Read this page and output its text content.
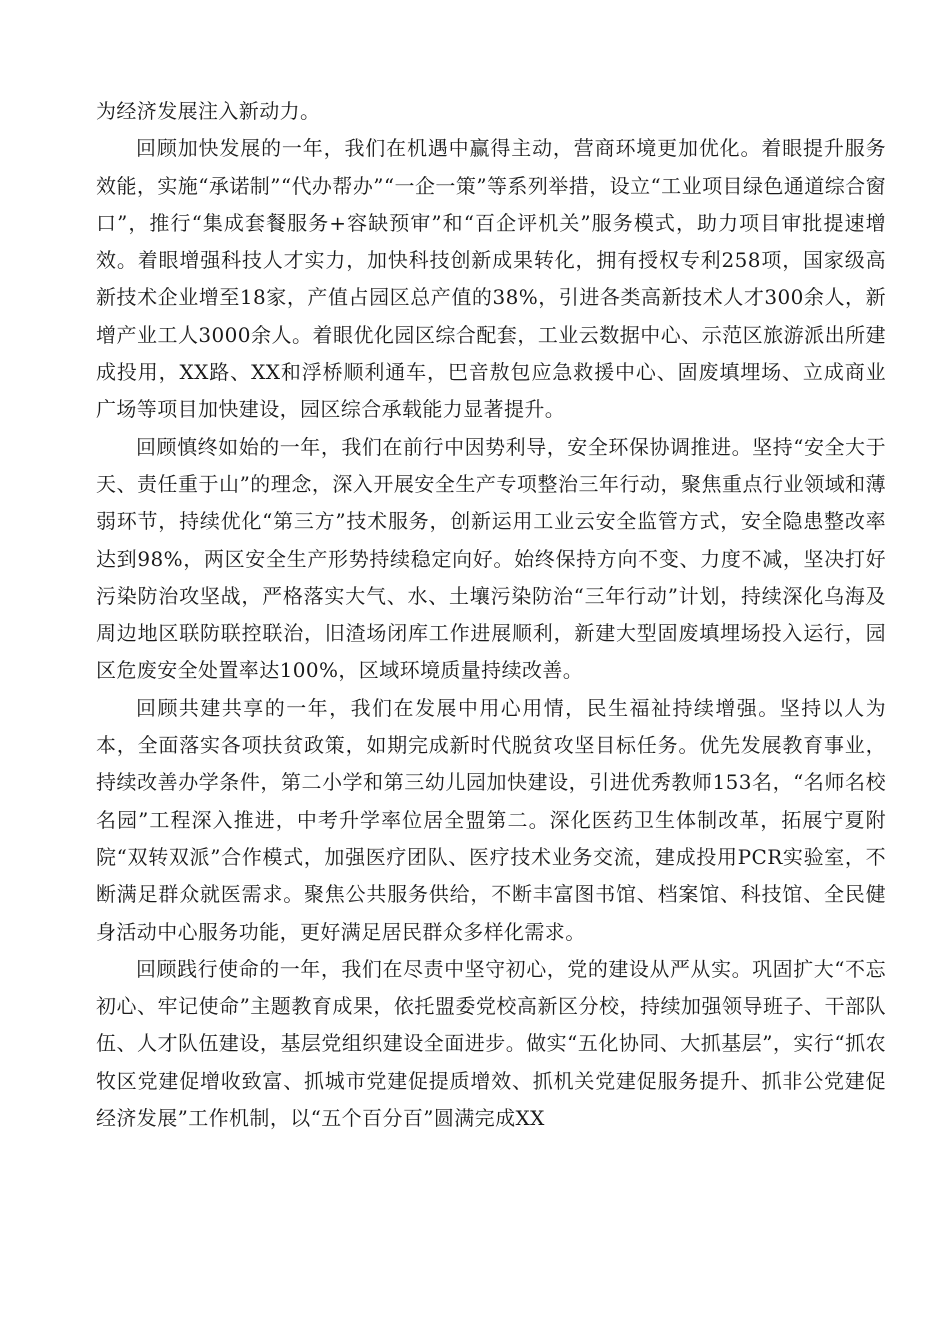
为经济发展注入新动力。

回顾加快发展的一年，我们在机遇中赢得主动，营商环境更加优化。着眼提升服务效能，实施“承诺制”“代办帮办”“一企一策”等系列举措，设立“工业项目绿色通道综合窗口”，推行“集成套餐服务+容缺预审”和“百企评机关”服务模式，助力项目审批提速增效。着眼增强科技人才实力，加快科技创新成果转化，拥有授权专利258项，国家级高新技术企业增至18家，产值占园区总产值的38%，引进各类高新技术人才300余人，新增产业工人3000余人。着眼优化园区综合配套，工业云数据中心、示范区旅游派出所建成投用，XX路、XX和浮桥顺利通车，巴音敖包应急救援中心、固废填埋场、立成商业广场等项目加快建设，园区综合承载能力显著提升。

回顾慎终如始的一年，我们在前行中因势利导，安全环保协调推进。坚持“安全大于天、责任重于山”的理念，深入开展安全生产专项整治三年行动，聚焦重点行业领域和薄弱环节，持续优化“第三方”技术服务，创新运用工业云安全监管方式，安全隐患整改率达到98%，两区安全生产形势持续稳定向好。始终保持方向不变、力度不减，坚决打好污染防治攻坚战，严格落实大气、水、土壤污染防治“三年行动”计划，持续深化乌海及周边地区联防联控联治，旧渣场闭库工作进展顺利，新建大型固废填埋场投入运行，园区危废安全处置率达100%，区域环境质量持续改善。

回顾共建共享的一年，我们在发展中用心用情，民生福祉持续增强。坚持以人为本，全面落实各项扶贫政策，如期完成新时代脱贫攻坚目标任务。优先发展教育事业，持续改善办学条件，第二小学和第三幼儿园加快建设，引进优秀教师153名，“名师名校名园”工程深入推进，中考升学率位居全盟第二。深化医药卫生体制改革，拓展宁夏附院“双转双派”合作模式，加强医疗团队、医疗技术业务交流，建成投用PCR实验室，不断满足群众就医需求。聚焦公共服务供给，不断丰富图书馆、档案馆、科技馆、全民健身活动中心服务功能，更好满足居民群众多样化需求。

回顾践行使命的一年，我们在尽责中坚守初心，党的建设从严从实。巩固扩大“不忘初心、牢记使命”主题教育成果，依托盟委党校高新区分校，持续加强领导班子、干部队伍、人才队伍建设，基层党组织建设全面进步。做实“五化协同、大抓基层”，实行“抓农牧区党建促增收致富、抓城市党建促提质增效、抓机关党建促服务提升、抓非公党建促经济发展”工作机制，以“五个百分百”圆满完成XX
